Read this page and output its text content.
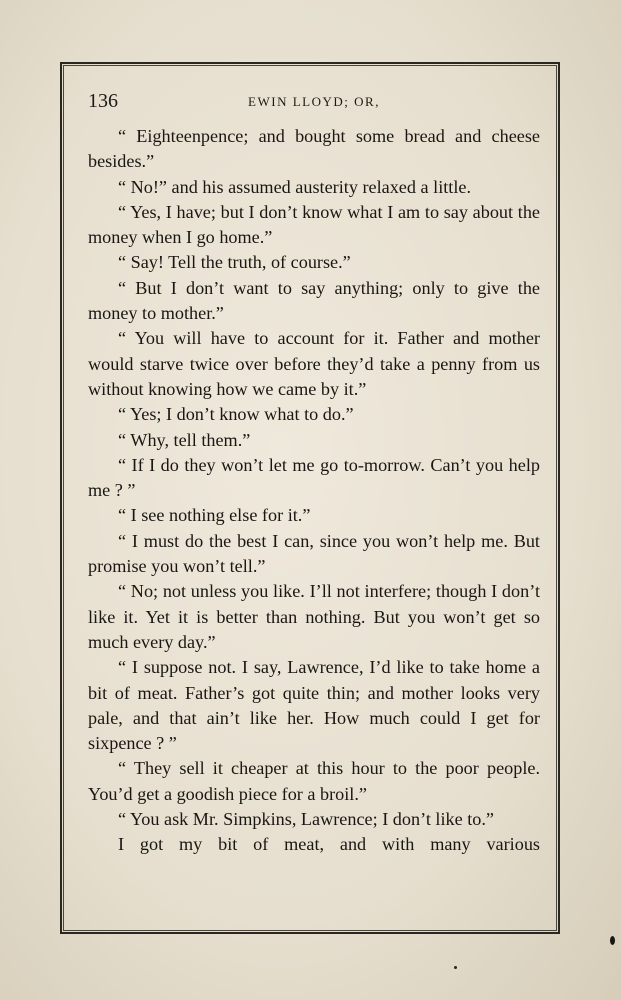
136	EWIN LLOYD; OR,

“ Eighteenpence; and bought some bread and cheese besides.”

“ No!” and his assumed austerity relaxed a little.

“ Yes, I have; but I don’t know what I am to say about the money when I go home.”

“ Say! Tell the truth, of course.”

“ But I don’t want to say anything; only to give the money to mother.”

“ You will have to account for it. Father and mother would starve twice over before they’d take a penny from us without knowing how we came by it.”

“ Yes; I don’t know what to do.”

“ Why, tell them.”

“ If I do they won’t let me go to-morrow. Can’t you help me ? ”

“ I see nothing else for it.”

“ I must do the best I can, since you won’t help me. But promise you won’t tell.”

“ No; not unless you like. I’ll not interfere; though I don’t like it. Yet it is better than nothing. But you won’t get so much every day.”

“ I suppose not. I say, Lawrence, I’d like to take home a bit of meat. Father’s got quite thin; and mother looks very pale, and that ain’t like her. How much could I get for sixpence ? ”

“ They sell it cheaper at this hour to the poor people. You’d get a goodish piece for a broil.”

“ You ask Mr. Simpkins, Lawrence; I don’t like to.”

I got my bit of meat, and with many various
